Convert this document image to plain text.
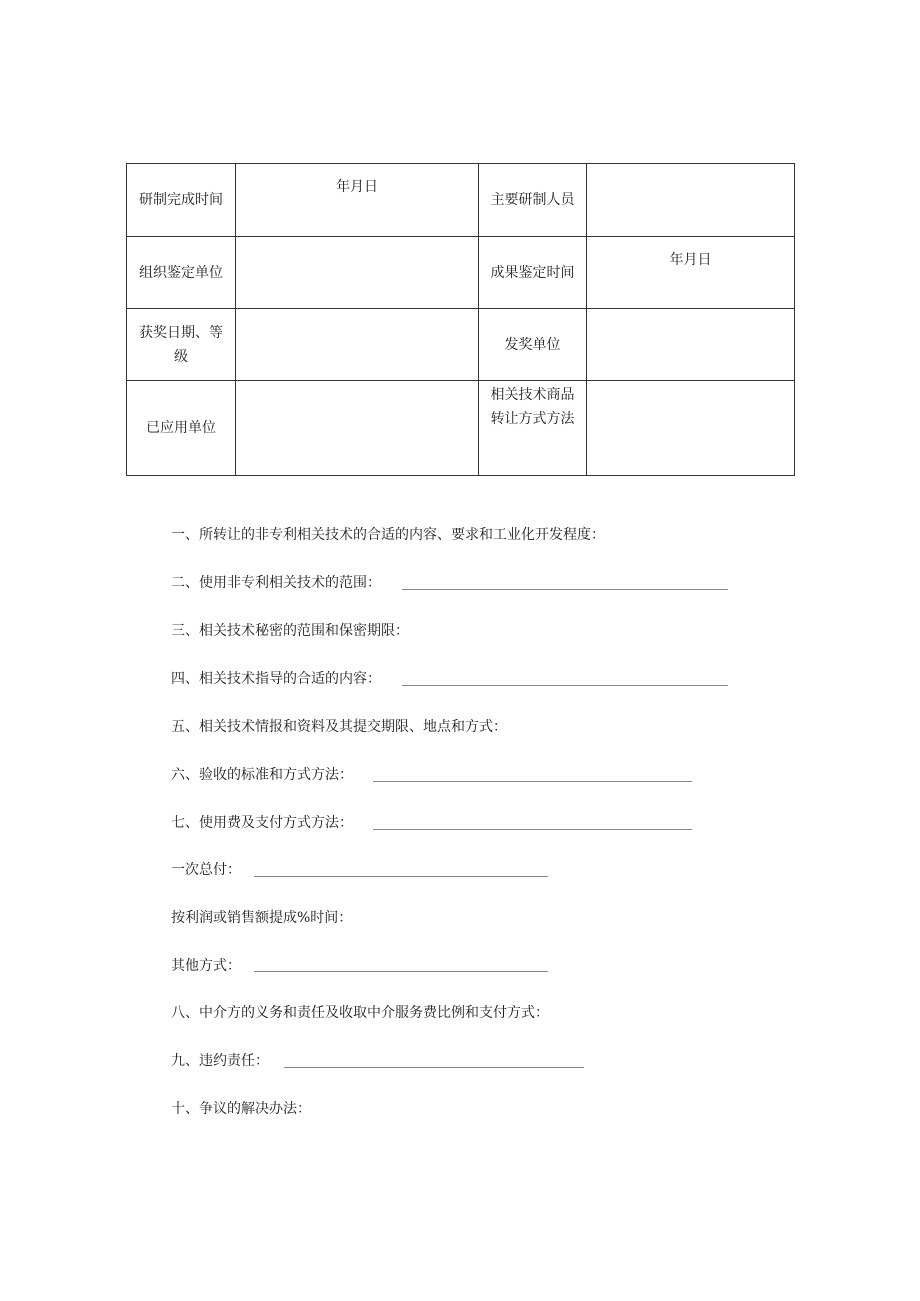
研制完成时间	年月日	主要研制人员	
组织鉴定单位		成果鉴定时间	年月日
获奖日期、等级		发奖单位	
已应用单位		相关技术商品转让方式方法	
一、所转让的非专利相关技术的合适的内容、要求和工业化开发程度：
二、使用非专利相关技术的范围：
三、相关技术秘密的范围和保密期限：
四、相关技术指导的合适的内容：
五、相关技术情报和资料及其提交期限、地点和方式：
六、验收的标准和方式方法：
七、使用费及支付方式方法：
一次总付：
按利润或销售额提成%时间：
其他方式：
八、中介方的义务和责任及收取中介服务费比例和支付方式：
九、违约责任：
十、争议的解决办法：
